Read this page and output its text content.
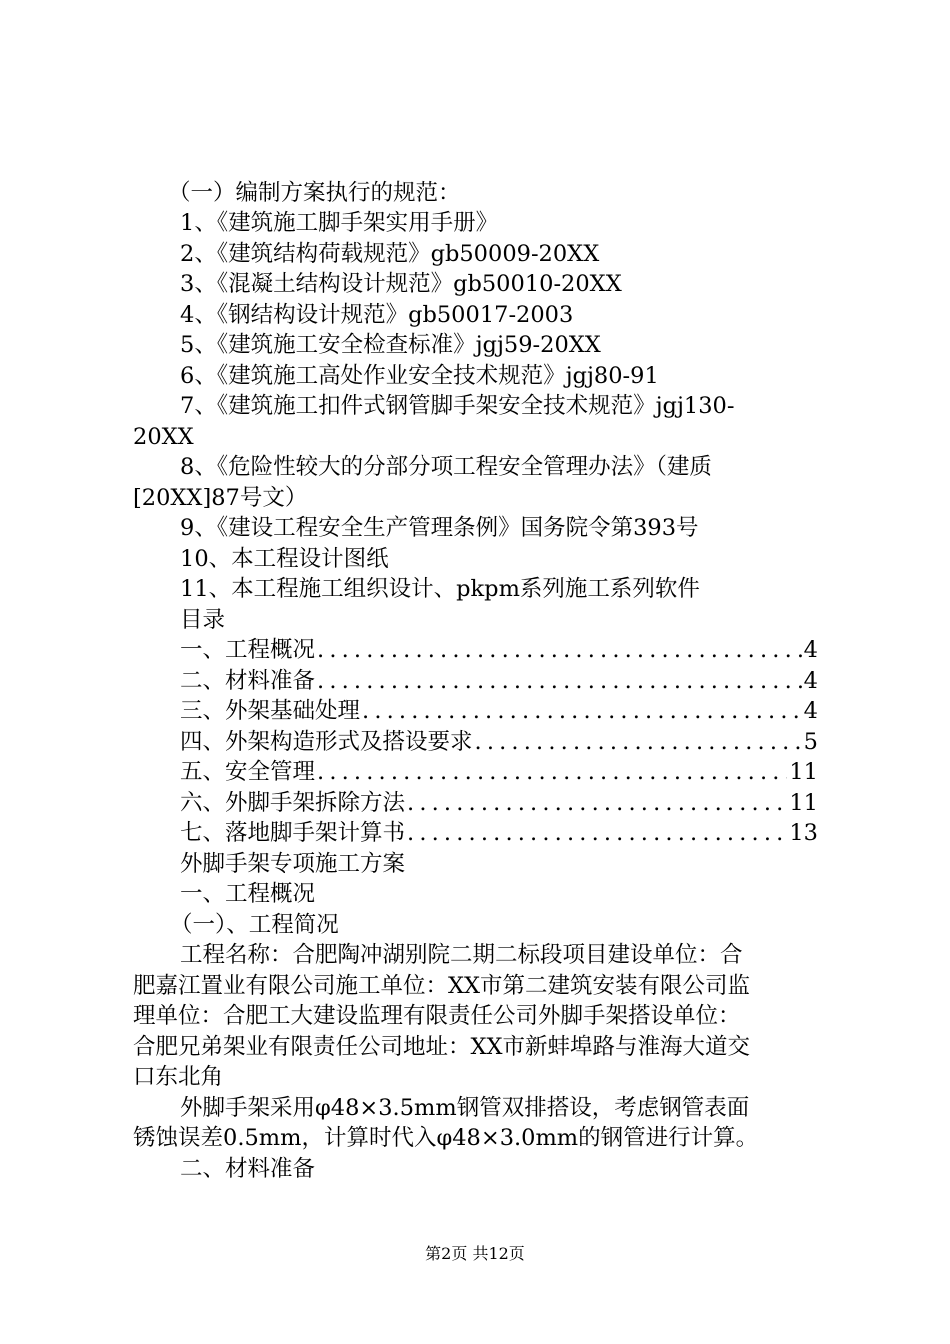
（一）编制方案执行的规范：
1、《建筑施工脚手架实用手册》
2、《建筑结构荷载规范》gb50009-20XX
3、《混凝土结构设计规范》gb50010-20XX
4、《钢结构设计规范》gb50017-2003
5、《建筑施工安全检查标准》jgj59-20XX
6、《建筑施工高处作业安全技术规范》jgj80-91
7、《建筑施工扣件式钢管脚手架安全技术规范》jgj130-
20XX
8、《危险性较大的分部分项工程安全管理办法》（建质
[20XX]87号文）
9、《建设工程安全生产管理条例》国务院令第393号
10、本工程设计图纸
11、本工程施工组织设计、pkpm系列施工系列软件
目录
一、工程概况 . . .	4
二、材料准备 . . .	4
三、外架基础处理 . . .	4
四、外架构造形式及搭设要求 . . .	5
五、安全管理 . . .	11
六、外脚手架拆除方法 . . .	11
七、落地脚手架计算书 . . .	13
外脚手架专项施工方案
一、工程概况
（一）、工程简况
工程名称：合肥陶冲湖别院二期二标段项目建设单位：合
肥嘉江置业有限公司施工单位：XX市第二建筑安装有限公司监
理单位：合肥工大建设监理有限责任公司外脚手架搭设单位：
合肥兄弟架业有限责任公司地址：XX市新蚌埠路与淮海大道交
口东北角
外脚手架采用φ48×3.5mm钢管双排搭设，考虑钢管表面
锈蚀误差0.5mm，计算时代入φ48×3.0mm的钢管进行计算。
二、材料准备
第2页 共12页
